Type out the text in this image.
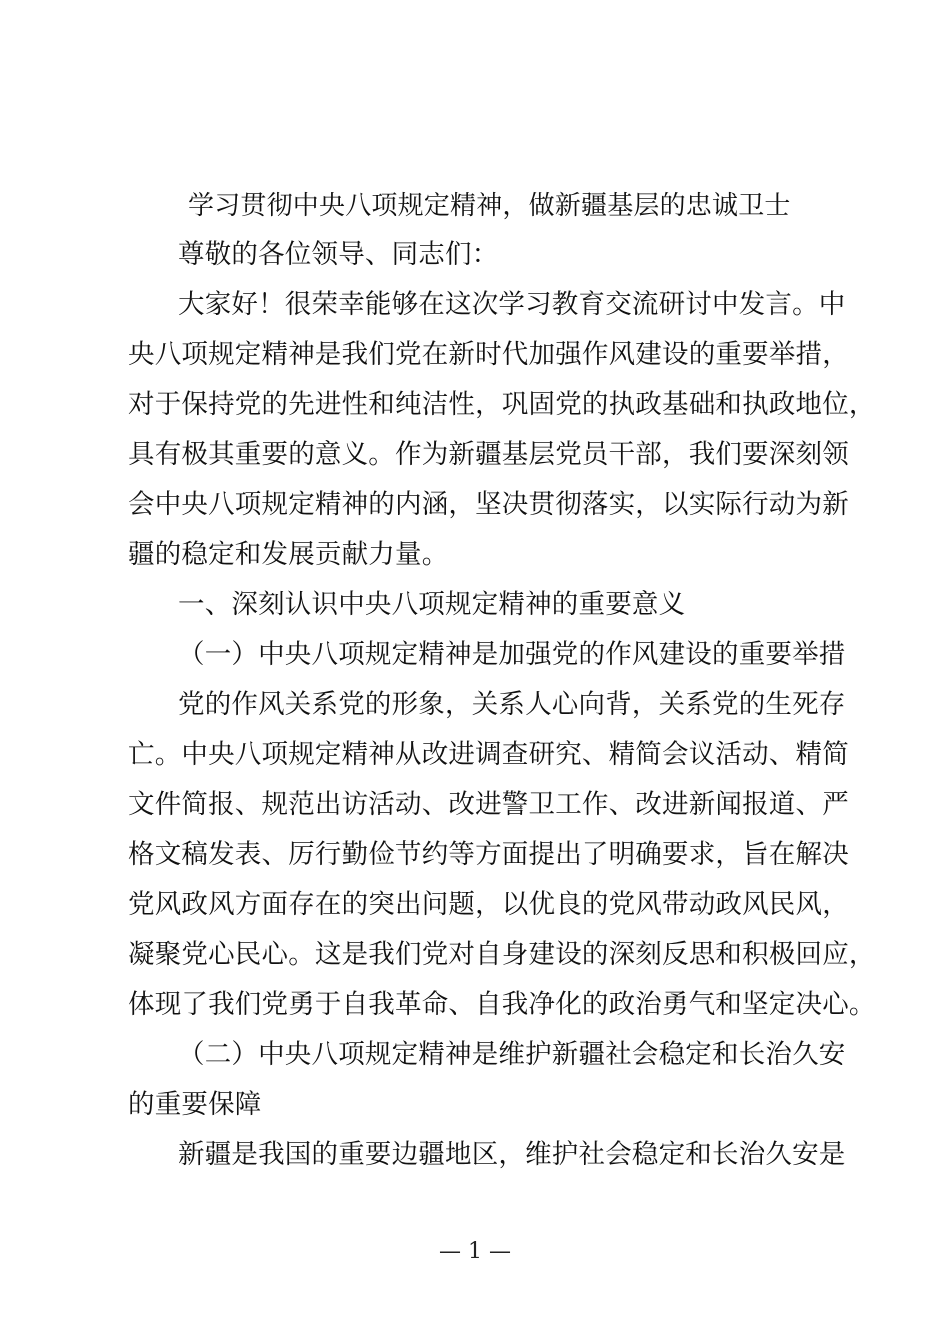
学习贯彻中央八项规定精神，做新疆基层的忠诚卫士
尊敬的各位领导、同志们：
大家好！很荣幸能够在这次学习教育交流研讨中发言。中
央八项规定精神是我们党在新时代加强作风建设的重要举措，
对于保持党的先进性和纯洁性，巩固党的执政基础和执政地位，
具有极其重要的意义。作为新疆基层党员干部，我们要深刻领
会中央八项规定精神的内涵，坚决贯彻落实，以实际行动为新
疆的稳定和发展贡献力量。
一、深刻认识中央八项规定精神的重要意义
（一）中央八项规定精神是加强党的作风建设的重要举措
党的作风关系党的形象，关系人心向背，关系党的生死存
亡。中央八项规定精神从改进调查研究、精简会议活动、精简
文件简报、规范出访活动、改进警卫工作、改进新闻报道、严
格文稿发表、厉行勤俭节约等方面提出了明确要求，旨在解决
党风政风方面存在的突出问题，以优良的党风带动政风民风，
凝聚党心民心。这是我们党对自身建设的深刻反思和积极回应，
体现了我们党勇于自我革命、自我净化的政治勇气和坚定决心。
（二）中央八项规定精神是维护新疆社会稳定和长治久安
的重要保障
新疆是我国的重要边疆地区，维护社会稳定和长治久安是
— 1 —
